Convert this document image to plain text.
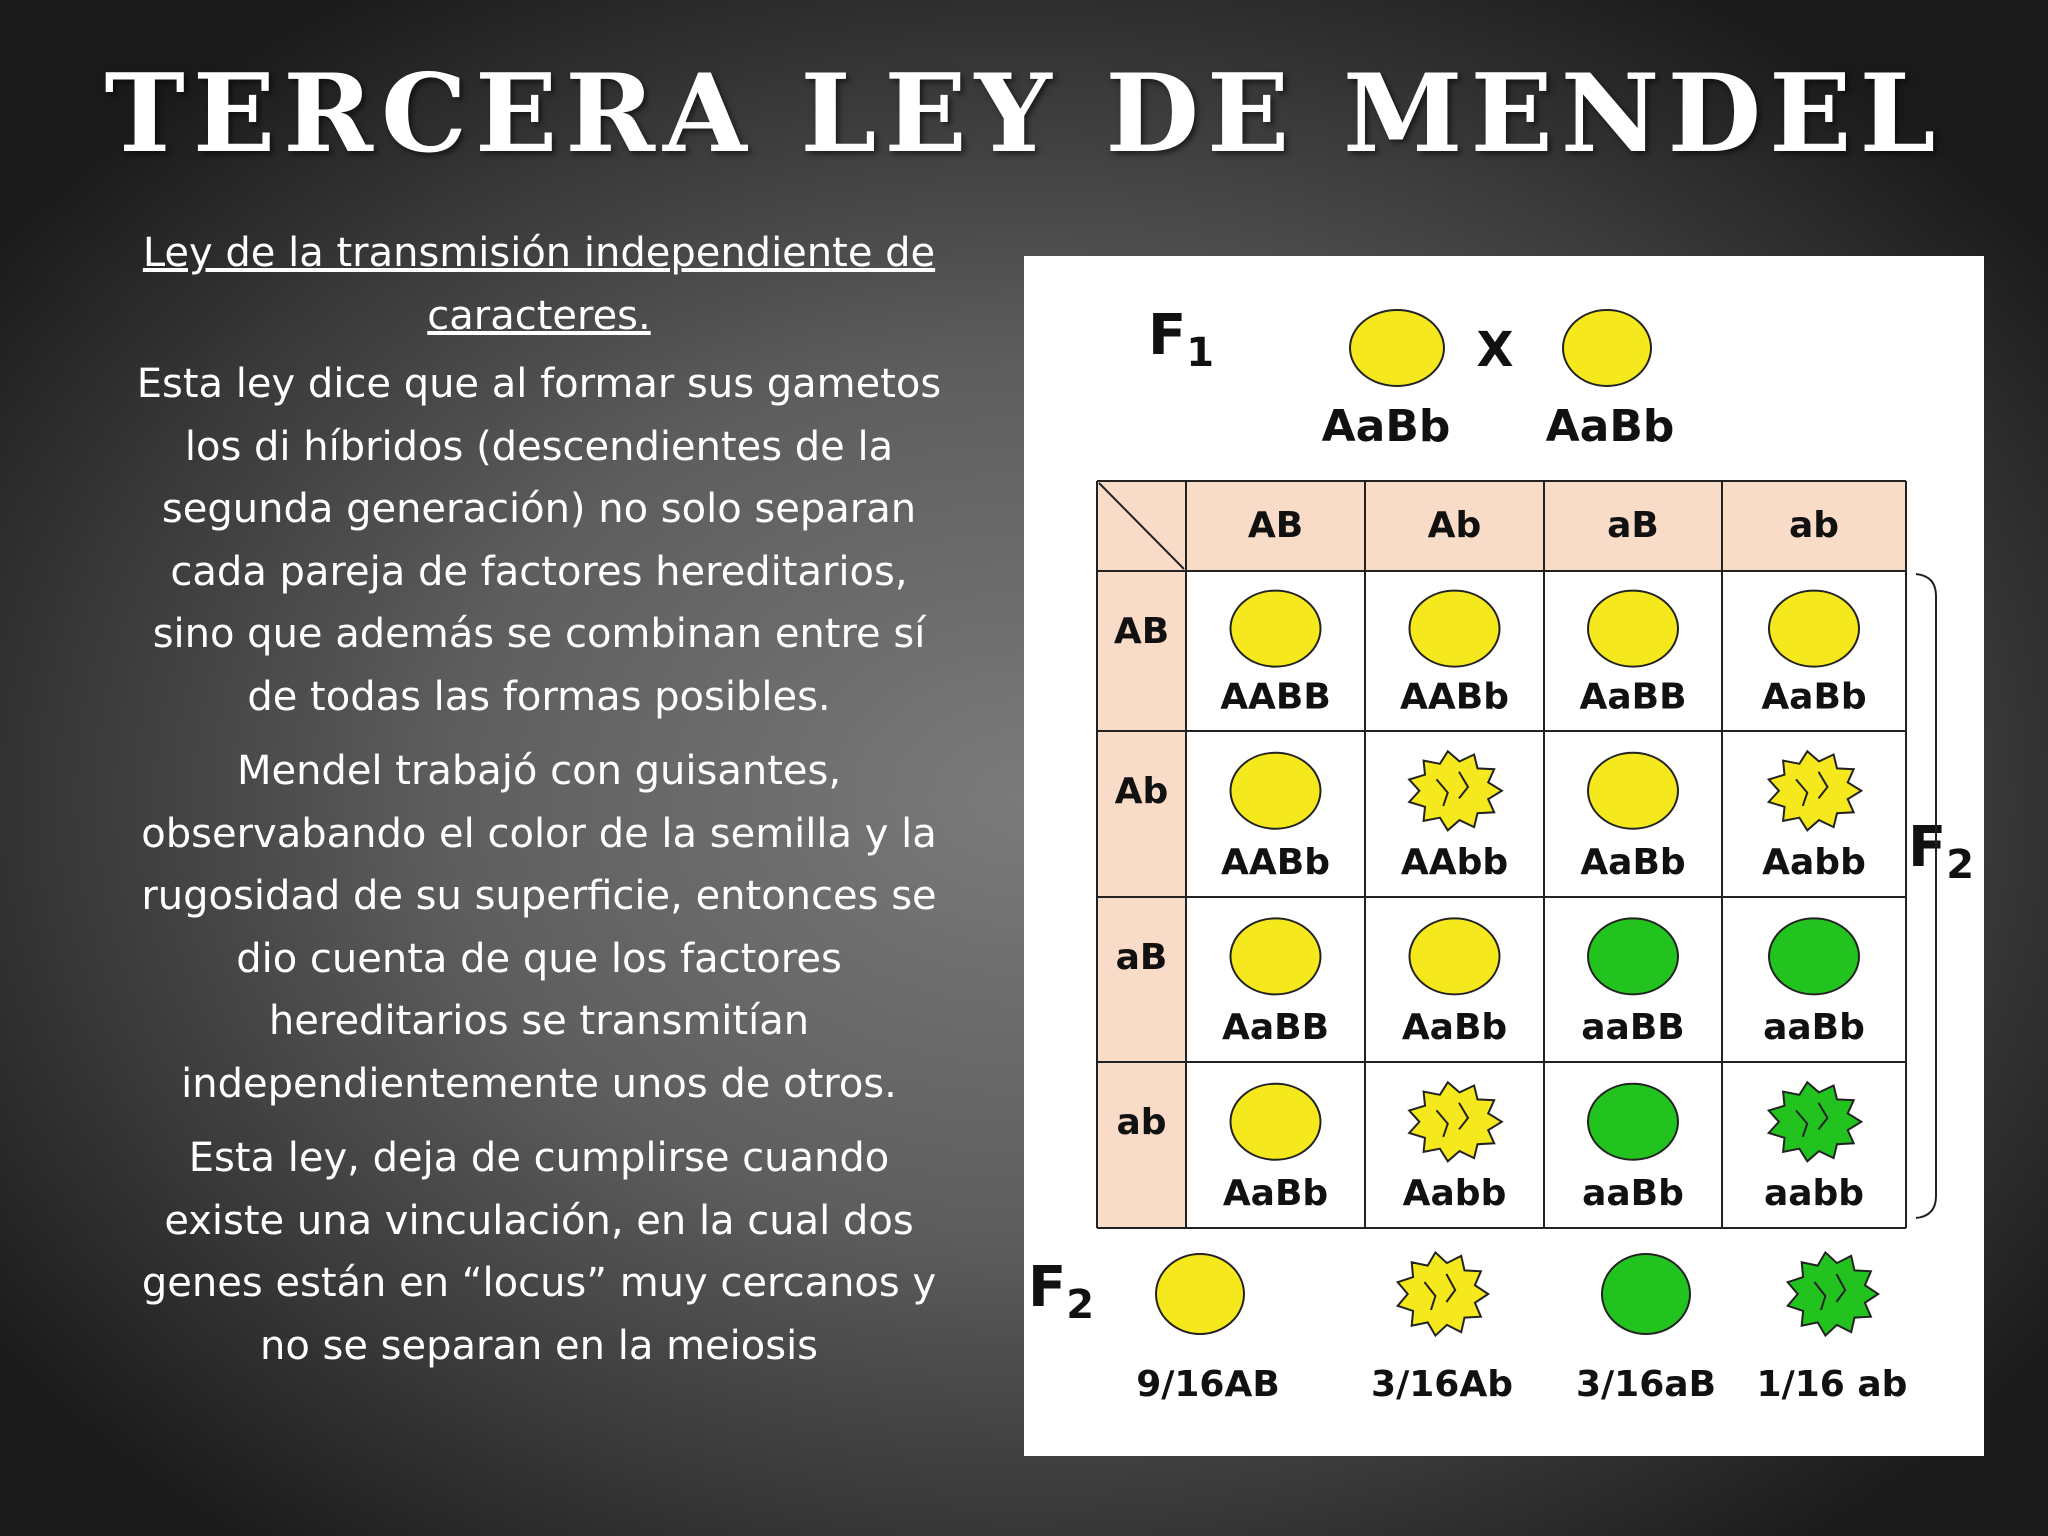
TERCERA LEY DE MENDEL

Ley de la transmisión independiente de caracteres.

Esta ley dice que al formar sus gametos los di híbridos (descendientes de la segunda generación) no solo separan cada pareja de factores hereditarios, sino que además se combinan entre sí de todas las formas posibles.

Mendel trabajó con guisantes, observabando el color de la semilla y la rugosidad de su superficie, entonces se dio cuenta de que los factores hereditarios se transmitían independientemente unos de otros.

Esta ley, deja de cumplirse cuando existe una vinculación, en la cual dos genes están en “locus” muy cercanos y no se separan en la meiosis

$F_1$	X
AaBb AaBb
$F_2$
$F_2$
AB	Ab	aB	ab
AB
AABB AABb AaBB AaBb
Ab
AABb AAbb AaBb Aabb
aB
AaBB AaBb aaBB aaBb
ab
AaBb Aabb aaBb aabb
9/16AB	3/16Ab 3/16aB 1/16 ab
